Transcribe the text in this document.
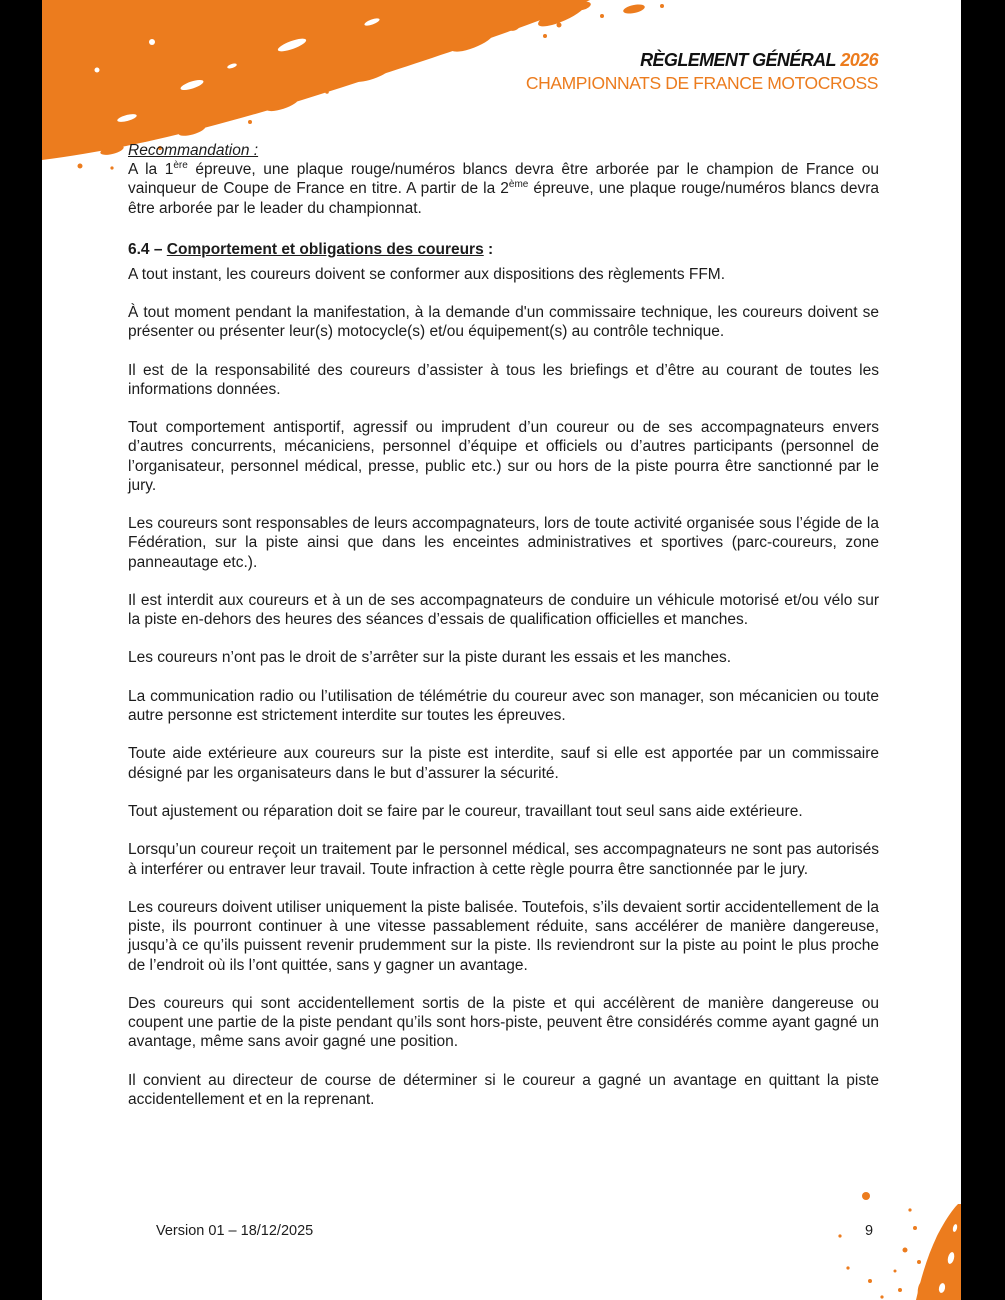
RÈGLEMENT GÉNÉRAL 2026
CHAMPIONNATS DE FRANCE MOTOCROSS
Recommandation :

A la 1ère épreuve, une plaque rouge/numéros blancs devra être arborée par le champion de France ou vainqueur de Coupe de France en titre. A partir de la 2ème épreuve, une plaque rouge/numéros blancs devra être arborée par le leader du championnat.

6.4 – Comportement et obligations des coureurs :

A tout instant, les coureurs doivent se conformer aux dispositions des règlements FFM.

À tout moment pendant la manifestation, à la demande d'un commissaire technique, les coureurs doivent se présenter ou présenter leur(s) motocycle(s) et/ou équipement(s) au contrôle technique.

Il est de la responsabilité des coureurs d’assister à tous les briefings et d’être au courant de toutes les informations données.

Tout comportement antisportif, agressif ou imprudent d’un coureur ou de ses accompagnateurs envers d’autres concurrents, mécaniciens, personnel d’équipe et officiels ou d’autres participants (personnel de l’organisateur, personnel médical, presse, public etc.) sur ou hors de la piste pourra être sanctionné par le jury.

Les coureurs sont responsables de leurs accompagnateurs, lors de toute activité organisée sous l’égide de la Fédération, sur la piste ainsi que dans les enceintes administratives et sportives (parc-coureurs, zone panneautage etc.).

Il est interdit aux coureurs et à un de ses accompagnateurs de conduire un véhicule motorisé et/ou vélo sur la piste en-dehors des heures des séances d’essais de qualification officielles et manches.

Les coureurs n’ont pas le droit de s’arrêter sur la piste durant les essais et les manches.

La communication radio ou l’utilisation de télémétrie du coureur avec son manager, son mécanicien ou toute autre personne est strictement interdite sur toutes les épreuves.

Toute aide extérieure aux coureurs sur la piste est interdite, sauf si elle est apportée par un commissaire désigné par les organisateurs dans le but d’assurer la sécurité.

Tout ajustement ou réparation doit se faire par le coureur, travaillant tout seul sans aide extérieure.

Lorsqu’un coureur reçoit un traitement par le personnel médical, ses accompagnateurs ne sont pas autorisés à interférer ou entraver leur travail. Toute infraction à cette règle pourra être sanctionnée par le jury.

Les coureurs doivent utiliser uniquement la piste balisée. Toutefois, s’ils devaient sortir accidentellement de la piste, ils pourront continuer à une vitesse passablement réduite, sans accélérer de manière dangereuse, jusqu’à ce qu’ils puissent revenir prudemment sur la piste. Ils reviendront sur la piste au point le plus proche de l’endroit où ils l’ont quittée, sans y gagner un avantage.

Des coureurs qui sont accidentellement sortis de la piste et qui accélèrent de manière dangereuse ou coupent une partie de la piste pendant qu’ils sont hors-piste, peuvent être considérés comme ayant gagné un avantage, même sans avoir gagné une position.

Il convient au directeur de course de déterminer si le coureur a gagné un avantage en quittant la piste accidentellement et en la reprenant.

Version 01 – 18/12/2025	9
